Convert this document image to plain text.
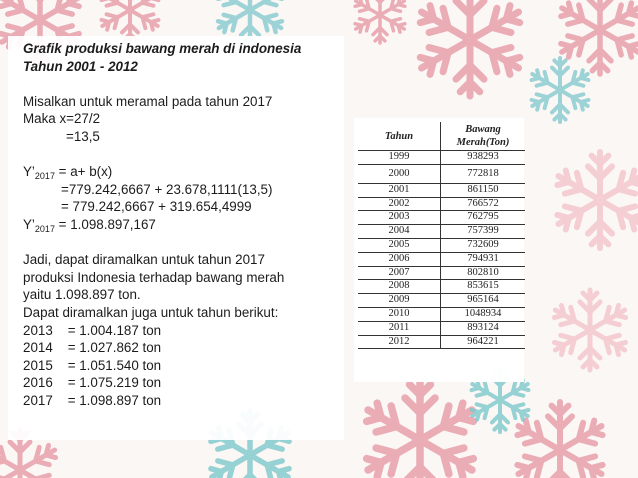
Grafik produksi bawang merah di indonesia
Tahun 2001 - 2012
Misalkan untuk meramal pada tahun 2017
Maka x=27/2
=13,5
$Y’_{2017} = a+ b(x)$
=779.242,6667 + 23.678,1111(13,5)
= 779.242,6667 + 319.654,4999
$Y’_{2017} = 1.098.897,167$
Jadi, dapat diramalkan untuk tahun 2017
produksi Indonesia terhadap bawang merah
yaitu 1.098.897 ton.
Dapat diramalkan juga untuk tahun berikut:
2013 = 1.004.187 ton
2014 = 1.027.862 ton
2015 = 1.051.540 ton
2016 = 1.075.219 ton
2017 = 1.098.897 ton
Tahun	Bawang
Merah(Ton)
1999	938293
2000	772818
2001	861150
2002	766572
2003	762795
2004	757399
2005	732609
2006	794931
2007	802810
2008	853615
2009	965164
2010	1048934
2011	893124
2012	964221
